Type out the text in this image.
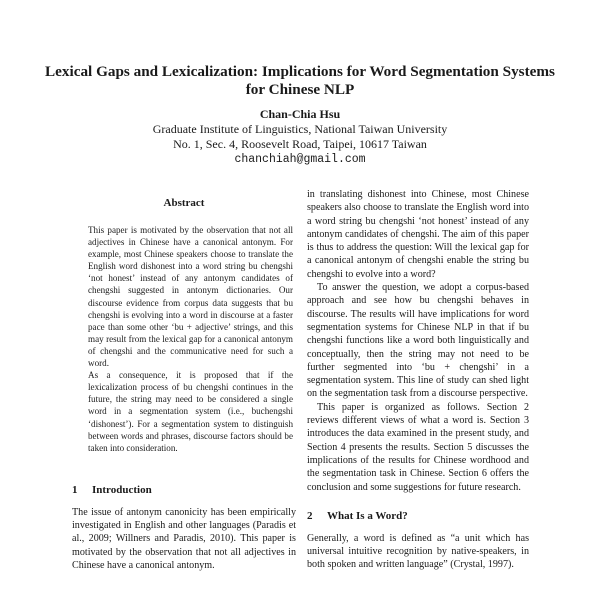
Lexical Gaps and Lexicalization: Implications for Word Segmentation Systems for Chinese NLP
Chan-Chia Hsu
Graduate Institute of Linguistics, National Taiwan University
No. 1, Sec. 4, Roosevelt Road, Taipei, 10617 Taiwan
chanchiah@gmail.com
Abstract

This paper is motivated by the observation that not all adjectives in Chinese have a canonical antonym. For example, most Chinese speakers choose to translate the English word dishonest into a word string bu chengshi ‘not honest’ instead of any antonym candidates of chengshi suggested in antonym dictionaries. Our discourse evidence from corpus data suggests that bu chengshi is evolving into a word in discourse at a faster pace than some other ‘bu + adjective’ strings, and this may result from the lexical gap for a canonical antonym of chengshi and the communicative need for such a word.

As a consequence, it is proposed that if the lexicalization process of bu chengshi continues in the future, the string may need to be considered a single word in a segmentation system (i.e., buchengshi ‘dishonest’). For a segmentation system to distinguish between words and phrases, discourse factors should be taken into consideration.

1 Introduction

The issue of antonym canonicity has been empirically investigated in English and other languages (Paradis et al., 2009; Willners and Paradis, 2010). This paper is motivated by the observation that not all adjectives in Chinese have a canonical antonym.

in translating dishonest into Chinese, most Chinese speakers also choose to translate the English word into a word string bu chengshi ‘not honest’ instead of any antonym candidates of chengshi. The aim of this paper is thus to address the question: Will the lexical gap for a canonical antonym of chengshi enable the string bu chengshi to evolve into a word?

To answer the question, we adopt a corpus-based approach and see how bu chengshi behaves in discourse. The results will have implications for word segmentation systems for Chinese NLP in that if bu chengshi functions like a word both linguistically and conceptually, then the string may not need to be further segmented into ‘bu + chengshi’ in a segmentation system. This line of study can shed light on the segmentation task from a discourse perspective.

This paper is organized as follows. Section 2 reviews different views of what a word is. Section 3 introduces the data examined in the present study, and Section 4 presents the results. Section 5 discusses the implications of the results for Chinese wordhood and the segmentation task in Chinese. Section 6 offers the conclusion and some suggestions for future research.

2 What Is a Word?

Generally, a word is defined as “a unit which has universal intuitive recognition by native-speakers, in both spoken and written language” (Crystal, 1997).
